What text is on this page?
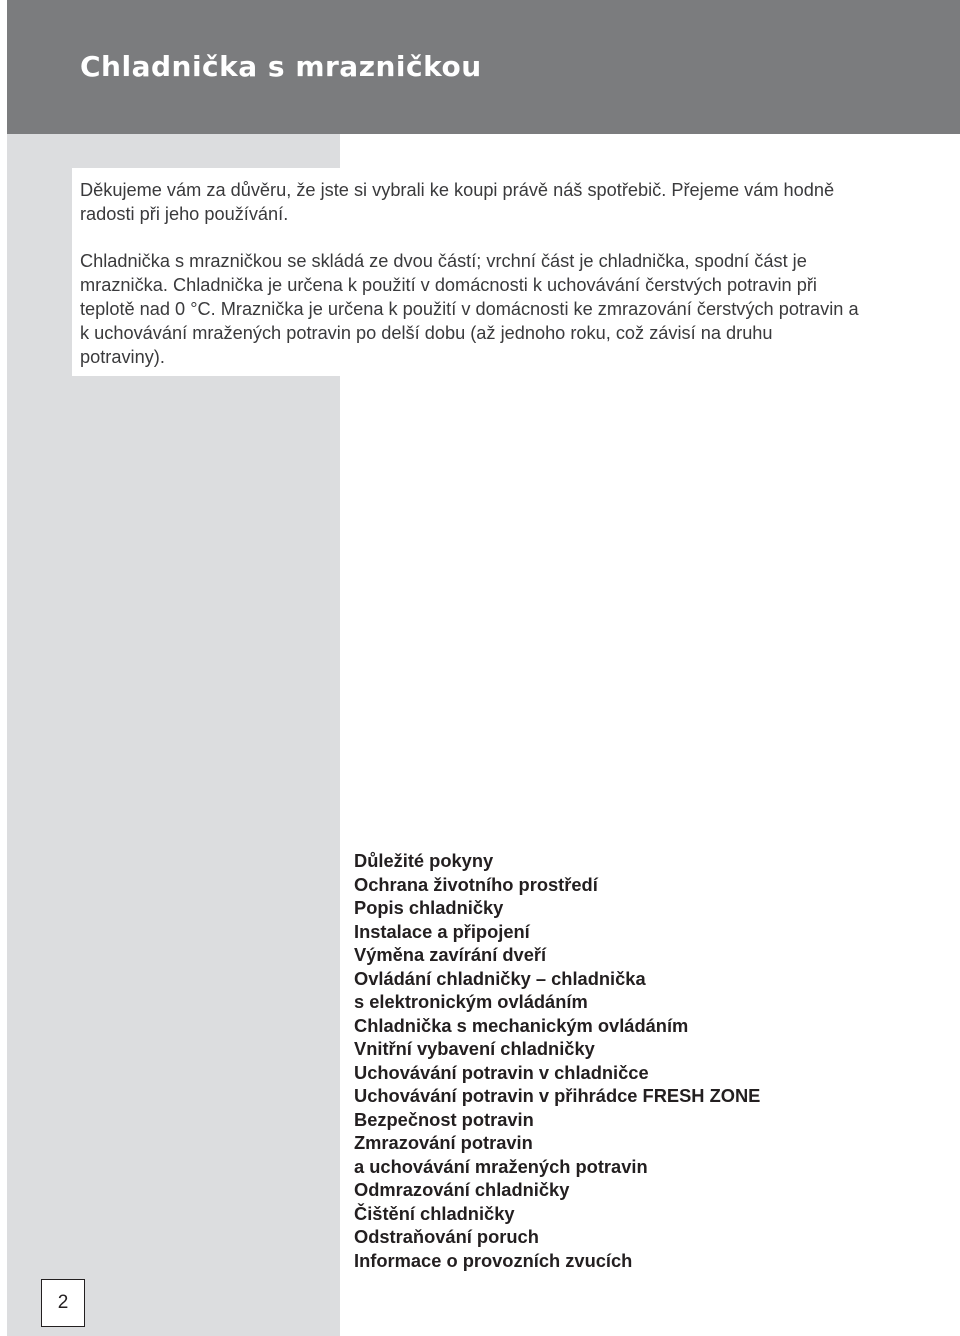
Chladnička s mrazničkou

Děkujeme vám za důvěru, že jste si vybrali ke koupi právě náš spotřebič. Přejeme vám hodně radosti při jeho používání.

Chladnička s mrazničkou se skládá ze dvou částí; vrchní část je chladnička, spodní část je mraznička. Chladnička je určena k použití v domácnosti k uchovávání čerstvých potravin při teplotě nad 0 °C. Mraznička je určena k použití v domácnosti ke zmrazování čerstvých potravin a k uchovávání mražených potravin po delší dobu (až jednoho roku, což závisí na druhu potraviny).

Důležité pokyny
Ochrana životního prostředí
Popis chladničky
Instalace a připojení
Výměna zavírání dveří
Ovládání chladničky – chladnička
s elektronickým ovládáním
Chladnička s mechanickým ovládáním
Vnitřní vybavení chladničky
Uchovávání potravin v chladničce
Uchovávání potravin v přihrádce FRESH ZONE
Bezpečnost potravin
Zmrazování potravin
a uchovávání mražených potravin
Odmrazování chladničky
Čištění chladničky
Odstraňování poruch
Informace o provozních zvucích
2
